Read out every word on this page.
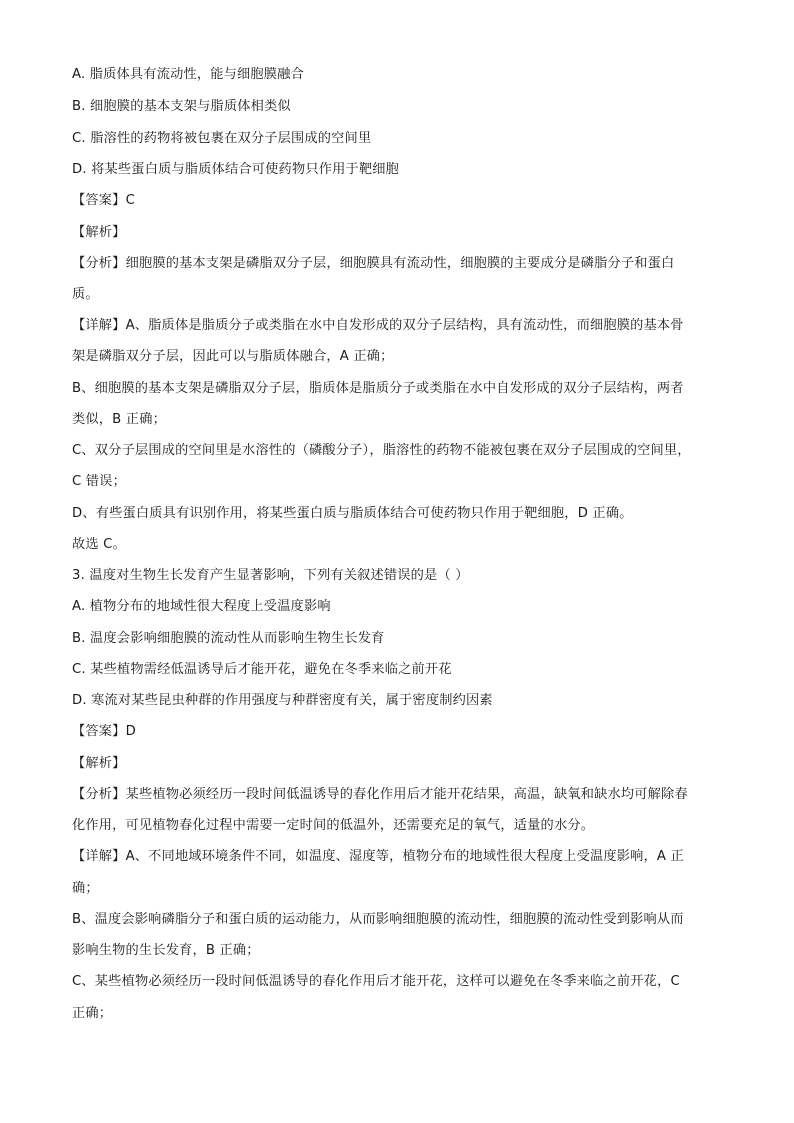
A. 脂质体具有流动性，能与细胞膜融合
B. 细胞膜的基本支架与脂质体相类似
C. 脂溶性的药物将被包裹在双分子层围成的空间里
D. 将某些蛋白质与脂质体结合可使药物只作用于靶细胞
【答案】C
【解析】
【分析】细胞膜的基本支架是磷脂双分子层，细胞膜具有流动性，细胞膜的主要成分是磷脂分子和蛋白
质。
【详解】A、脂质体是脂质分子或类脂在水中自发形成的双分子层结构，具有流动性，而细胞膜的基本骨
架是磷脂双分子层，因此可以与脂质体融合，A 正确；
B、细胞膜的基本支架是磷脂双分子层，脂质体是脂质分子或类脂在水中自发形成的双分子层结构，两者
类似，B 正确；
C、双分子层围成的空间里是水溶性的（磷酸分子），脂溶性的药物不能被包裹在双分子层围成的空间里，
C 错误；
D、有些蛋白质具有识别作用，将某些蛋白质与脂质体结合可使药物只作用于靶细胞，D 正确。
故选 C。
3. 温度对生物生长发育产生显著影响，下列有关叙述错误的是（ ）
A. 植物分布的地域性很大程度上受温度影响
B. 温度会影响细胞膜的流动性从而影响生物生长发育
C. 某些植物需经低温诱导后才能开花，避免在冬季来临之前开花
D. 寒流对某些昆虫种群的作用强度与种群密度有关，属于密度制约因素
【答案】D
【解析】
【分析】某些植物必须经历一段时间低温诱导的春化作用后才能开花结果，高温，缺氧和缺水均可解除春
化作用，可见植物春化过程中需要一定时间的低温外，还需要充足的氧气，适量的水分。
【详解】A、不同地域环境条件不同，如温度、湿度等，植物分布的地域性很大程度上受温度影响，A 正
确；
B、温度会影响磷脂分子和蛋白质的运动能力，从而影响细胞膜的流动性，细胞膜的流动性受到影响从而
影响生物的生长发育，B 正确；
C、某些植物必须经历一段时间低温诱导的春化作用后才能开花，这样可以避免在冬季来临之前开花，C
正确；
